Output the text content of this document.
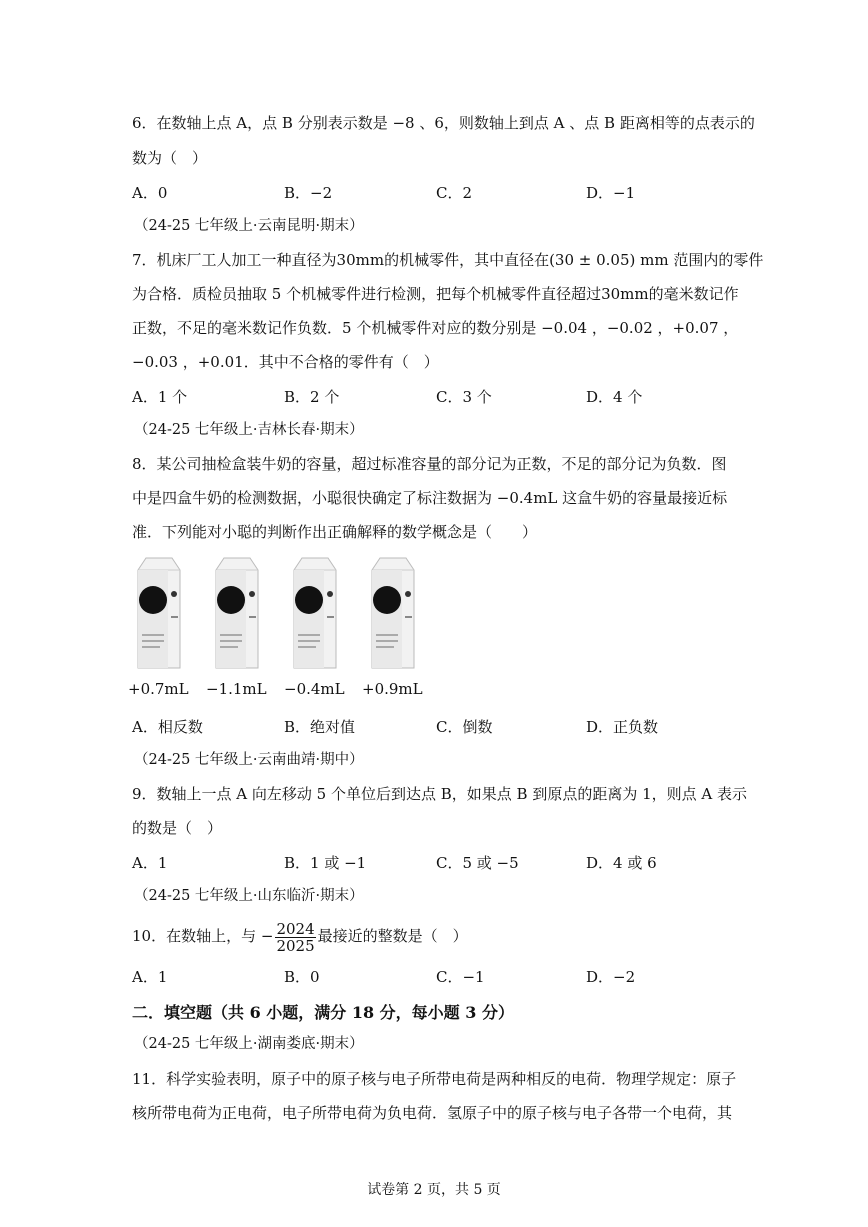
6．在数轴上点 A，点 B 分别表示数是 −8 、6，则数轴上到点 A 、点 B 距离相等的点表示的
数为（　）
A．0	B．−2	C．2	D．−1
（24-25 七年级上·云南昆明·期末）
7．机床厂工人加工一种直径为30mm的机械零件，其中直径在(30 ± 0.05) mm 范围内的零件
为合格．质检员抽取 5 个机械零件进行检测，把每个机械零件直径超过30mm的毫米数记作
正数，不足的毫米数记作负数．5 个机械零件对应的数分别是 −0.04 ，−0.02 ，+0.07 ，
−0.03 ，+0.01．其中不合格的零件有（　）
A．1 个	B．2 个	C．3 个	D．4 个
（24-25 七年级上·吉林长春·期末）
8．某公司抽检盒装牛奶的容量，超过标准容量的部分记为正数，不足的部分记为负数．图
中是四盒牛奶的检测数据，小聪很快确定了标注数据为 −0.4mL 这盒牛奶的容量最接近标
准．下列能对小聪的判断作出正确解释的数学概念是（　　）
+0.7mL −1.1mL −0.4mL +0.9mL
A．相反数	B．绝对值	C．倒数	D．正负数
（24-25 七年级上·云南曲靖·期中）
9．数轴上一点 A 向左移动 5 个单位后到达点 B，如果点 B 到原点的距离为 1，则点 A 表示
的数是（　）
A．1	B．1 或 −1	C．5 或 −5	D．4 或 6
（24-25 七年级上·山东临沂·期末）
10．在数轴上，与 − $\frac{2024}{2025}$ 最接近的整数是（　）
A．1	B．0	C．−1	D．−2
二．填空题（共 6 小题，满分 18 分，每小题 3 分）
（24-25 七年级上·湖南娄底·期末）
11．科学实验表明，原子中的原子核与电子所带电荷是两种相反的电荷．物理学规定：原子
核所带电荷为正电荷，电子所带电荷为负电荷．氢原子中的原子核与电子各带一个电荷，其
试卷第 2 页，共 5 页
